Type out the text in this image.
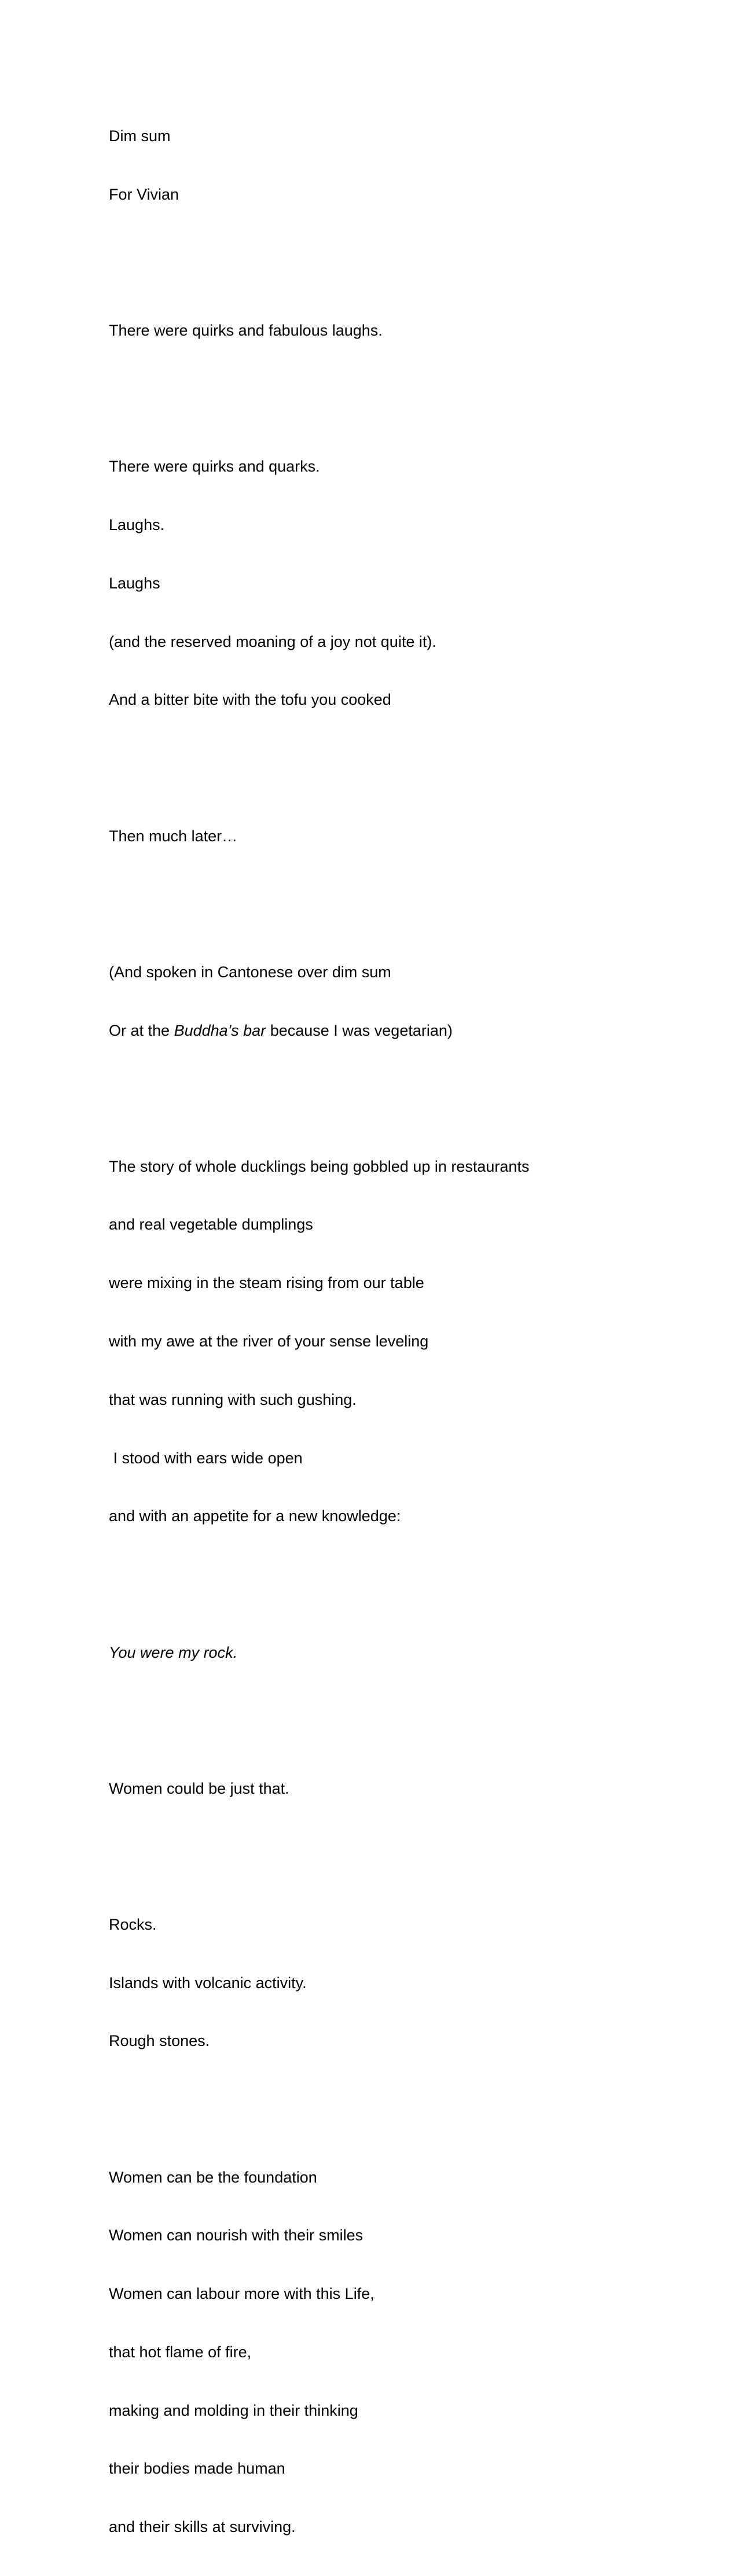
Dim sum

For Vivian

There were quirks and fabulous laughs.

There were quirks and quarks.

Laughs.

Laughs

(and the reserved moaning of a joy not quite it).

And a bitter bite with the tofu you cooked

Then much later…

(And spoken in Cantonese over dim sum

Or at the Buddha’s bar because I was vegetarian)

The story of whole ducklings being gobbled up in restaurants

and real vegetable dumplings

were mixing in the steam rising from our table

with my awe at the river of your sense leveling

that was running with such gushing.

I stood with ears wide open

and with an appetite for a new knowledge:

You were my rock.

Women could be just that.

Rocks.

Islands with volcanic activity.

Rough stones.

Women can be the foundation

Women can nourish with their smiles

Women can labour more with this Life,

that hot flame of fire,

making and molding in their thinking

their bodies made human

and their skills at surviving.
